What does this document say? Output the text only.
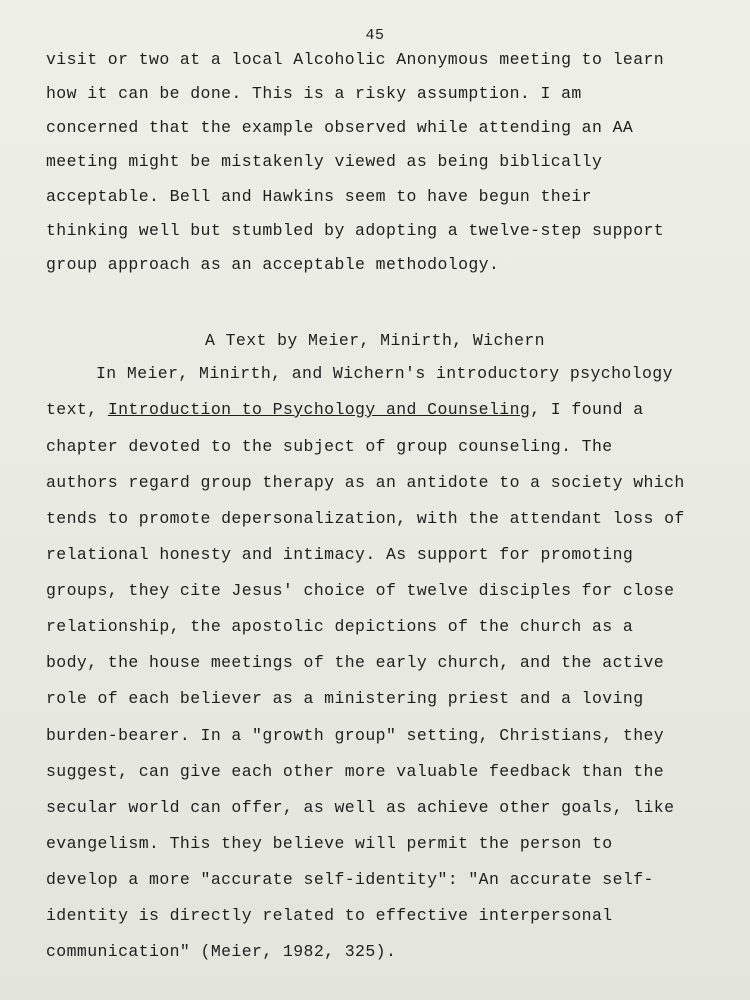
45
visit or two at a local Alcoholic Anonymous meeting to learn
how it can be done. This is a risky assumption. I am
concerned that the example observed while attending an AA
meeting might be mistakenly viewed as being biblically
acceptable. Bell and Hawkins seem to have begun their
thinking well but stumbled by adopting a twelve-step support
group approach as an acceptable methodology.
A Text by Meier, Minirth, Wichern
In Meier, Minirth, and Wichern's introductory psychology
text, Introduction to Psychology and Counseling, I found a
chapter devoted to the subject of group counseling. The
authors regard group therapy as an antidote to a society which
tends to promote depersonalization, with the attendant loss of
relational honesty and intimacy. As support for promoting
groups, they cite Jesus' choice of twelve disciples for close
relationship, the apostolic depictions of the church as a
body, the house meetings of the early church, and the active
role of each believer as a ministering priest and a loving
burden-bearer. In a "growth group" setting, Christians, they
suggest, can give each other more valuable feedback than the
secular world can offer, as well as achieve other goals, like
evangelism. This they believe will permit the person to
develop a more "accurate self-identity": "An accurate self-
identity is directly related to effective interpersonal
communication" (Meier, 1982, 325).
